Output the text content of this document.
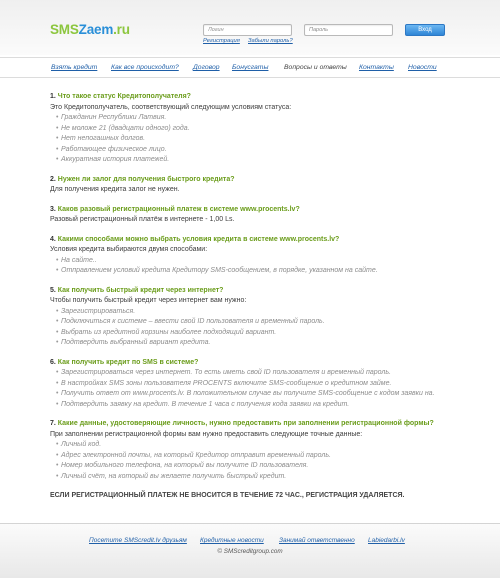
SMSZaem.ru
Логин	Вход
Регистрация Забыли пароль?
Взять кредит Как все происходит? Договор Бонусгаты Вопросы и ответы Контакты Новости
1. Что такое статус Кредитополучателя?
Это Кредитополучатель, соответствующий следующим условиям статуса:
• Гражданин Республики Латвия.
• Не моложе 21 (двадцати одного) года.
• Нет непогашных долгов.
• Работающее физическое лицо.
• Аккуратная история платежей.
2. Нужен ли залог для получения быстрого кредита?
Для получения кредита залог не нужен.
3. Каков разовый регистрационный платеж в системе www.procents.lv?
Разовый регистрационный платёж в интернете - 1,00 Ls.
4. Какими способами можно выбрать условия кредита в системе www.procents.lv?
Условия кредита выбираются двумя способами:
• На сайте..
• Отправлением условий кредита Кредитору SMS-сообщением, в порядке, указанном на сайте.
5. Как получить быстрый кредит через интернет?
Чтобы получить быстрый кредит через интернет вам нужно:
• Зарегистрироваться.
• Подключиться к системе – ввести свой ID пользователя и временный пароль.
• Выбрать из кредитной корзины наиболее подходящий вариант.
• Подтвердить выбранный вариант кредита.
6. Как получить кредит по SMS в системе?
• Зарегистрироваться через интернет. То есть иметь свой ID пользователя и временный пароль.
• В настройках SMS зоны пользователя PROCENTS включите SMS-сообщение о кредитном займе.
• Получить ответ от www.procents.lv. В положительном случае вы получите SMS-сообщение с кодом заявки на.
• Подтвердить заявку на кредит. В течение 1 часа с получения кода заявки на кредит.
7. Какие данные, удостоверяющие личность, нужно предоставить при заполнении регистрационной формы?
При заполнении регистрационной формы вам нужно предоставить следующие точные данные:
• Личный код.
• Адрес электронной почты, на который Кредитор отправит временный пароль.
• Номер мобильного телефона, на который вы получите ID пользователя.
• Личный счёт, на который вы желаете получить быстрый кредит.
ЕСЛИ РЕГИСТРАЦИОННЫЙ ПЛАТЕЖ НЕ ВНОСИТСЯ В ТЕЧЕНИЕ 72 ЧАС., РЕГИСТРАЦИЯ УДАЛЯЕТСЯ.
Посетите SMScredit.lv друзьям Кредитные новости Занимай ответственно Labiedarbi.lv
© SMScreditgroup.com
